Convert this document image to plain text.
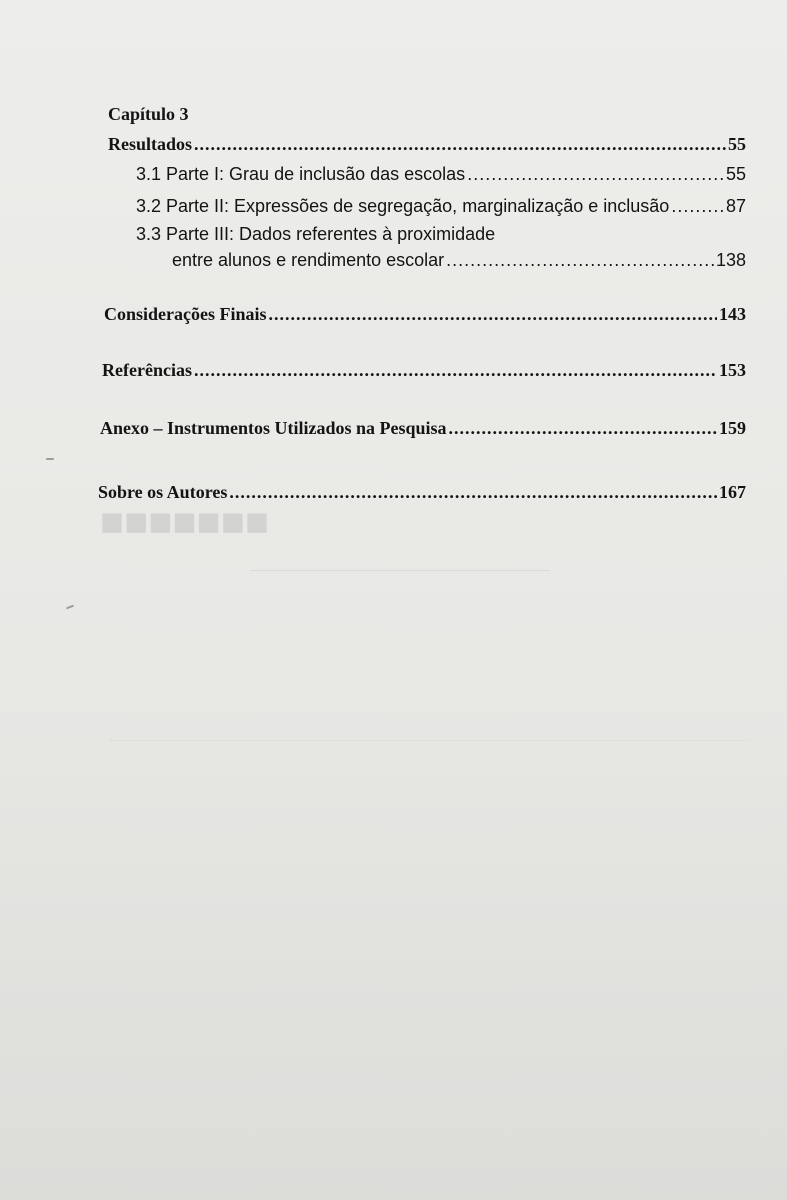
■■■■■■■
Capítulo 3
Resultados .....	55
3.1 Parte I: Grau de inclusão das escolas .....	55
3.2 Parte II: Expressões de segregação, marginalização e inclusão .....	87
3.3 Parte III: Dados referentes à proximidade
entre alunos e rendimento escolar .....	138
Considerações Finais .....	143
Referências .....	153
Anexo – Instrumentos Utilizados na Pesquisa .....	159
Sobre os Autores .....	167
